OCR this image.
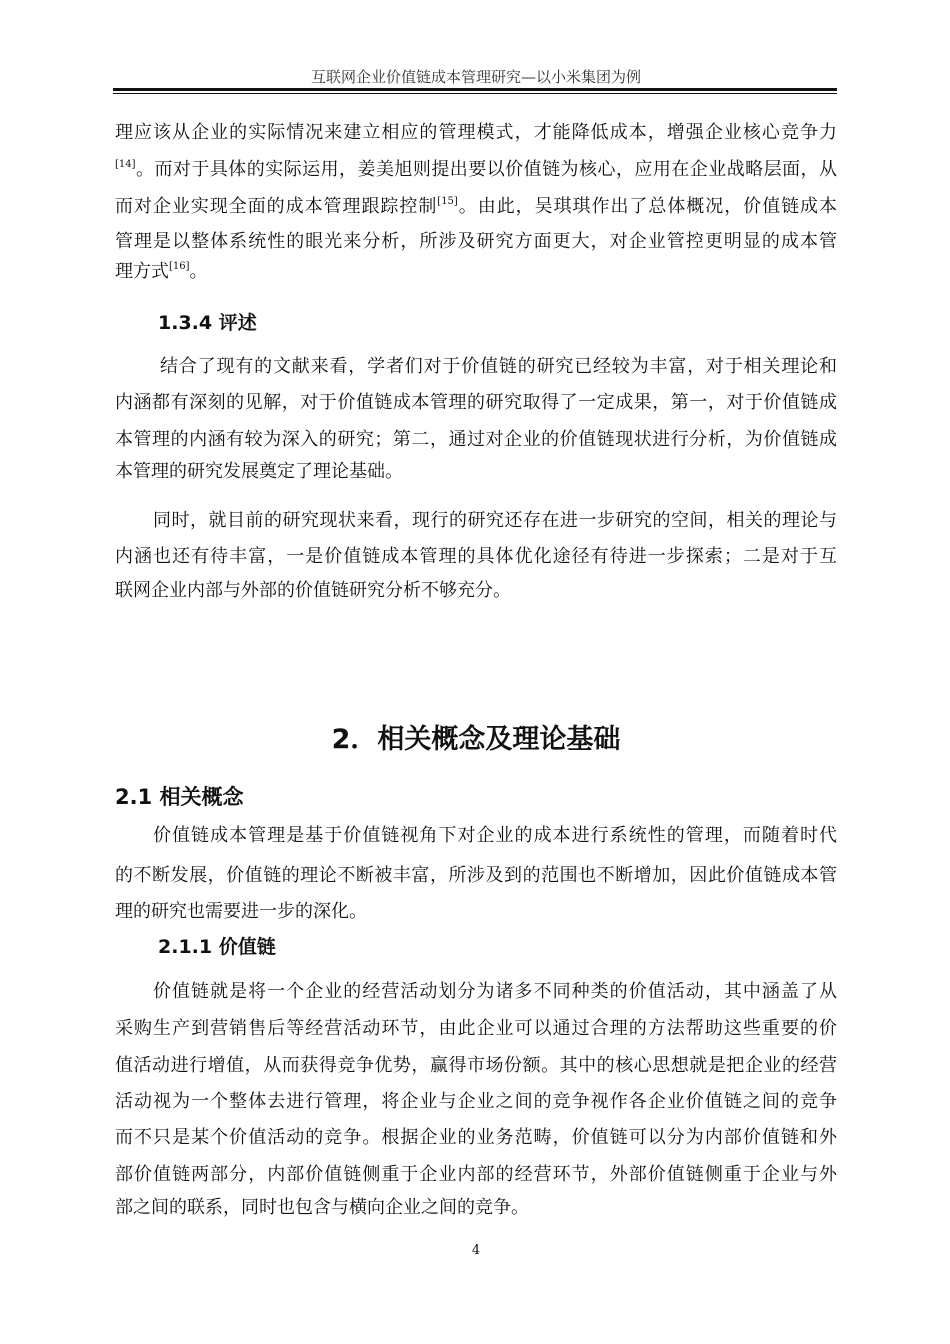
互联网企业价值链成本管理研究—以小米集团为例
理应该从企业的实际情况来建立相应的管理模式，才能降低成本，增强企业核心竞争力
[14]。而对于具体的实际运用，姜美旭则提出要以价值链为核心，应用在企业战略层面，从
而对企业实现全面的成本管理跟踪控制[15]。由此，吴琪琪作出了总体概况，价值链成本
管理是以整体系统性的眼光来分析，所涉及研究方面更大，对企业管控更明显的成本管
理方式[16]。
1.3.4 评述
结合了现有的文献来看，学者们对于价值链的研究已经较为丰富，对于相关理论和
内涵都有深刻的见解，对于价值链成本管理的研究取得了一定成果，第一，对于价值链成
本管理的内涵有较为深入的研究；第二，通过对企业的价值链现状进行分析，为价值链成
本管理的研究发展奠定了理论基础。
同时，就目前的研究现状来看，现行的研究还存在进一步研究的空间，相关的理论与
内涵也还有待丰富，一是价值链成本管理的具体优化途径有待进一步探索；二是对于互
联网企业内部与外部的价值链研究分析不够充分。
2．相关概念及理论基础
2.1 相关概念
价值链成本管理是基于价值链视角下对企业的成本进行系统性的管理，而随着时代
的不断发展，价值链的理论不断被丰富，所涉及到的范围也不断增加，因此价值链成本管
理的研究也需要进一步的深化。
2.1.1 价值链
价值链就是将一个企业的经营活动划分为诸多不同种类的价值活动，其中涵盖了从
采购生产到营销售后等经营活动环节，由此企业可以通过合理的方法帮助这些重要的价
值活动进行增值，从而获得竞争优势，赢得市场份额。其中的核心思想就是把企业的经营
活动视为一个整体去进行管理，将企业与企业之间的竞争视作各企业价值链之间的竞争
而不只是某个价值活动的竞争。根据企业的业务范畴，价值链可以分为内部价值链和外
部价值链两部分，内部价值链侧重于企业内部的经营环节，外部价值链侧重于企业与外
部之间的联系，同时也包含与横向企业之间的竞争。
4
